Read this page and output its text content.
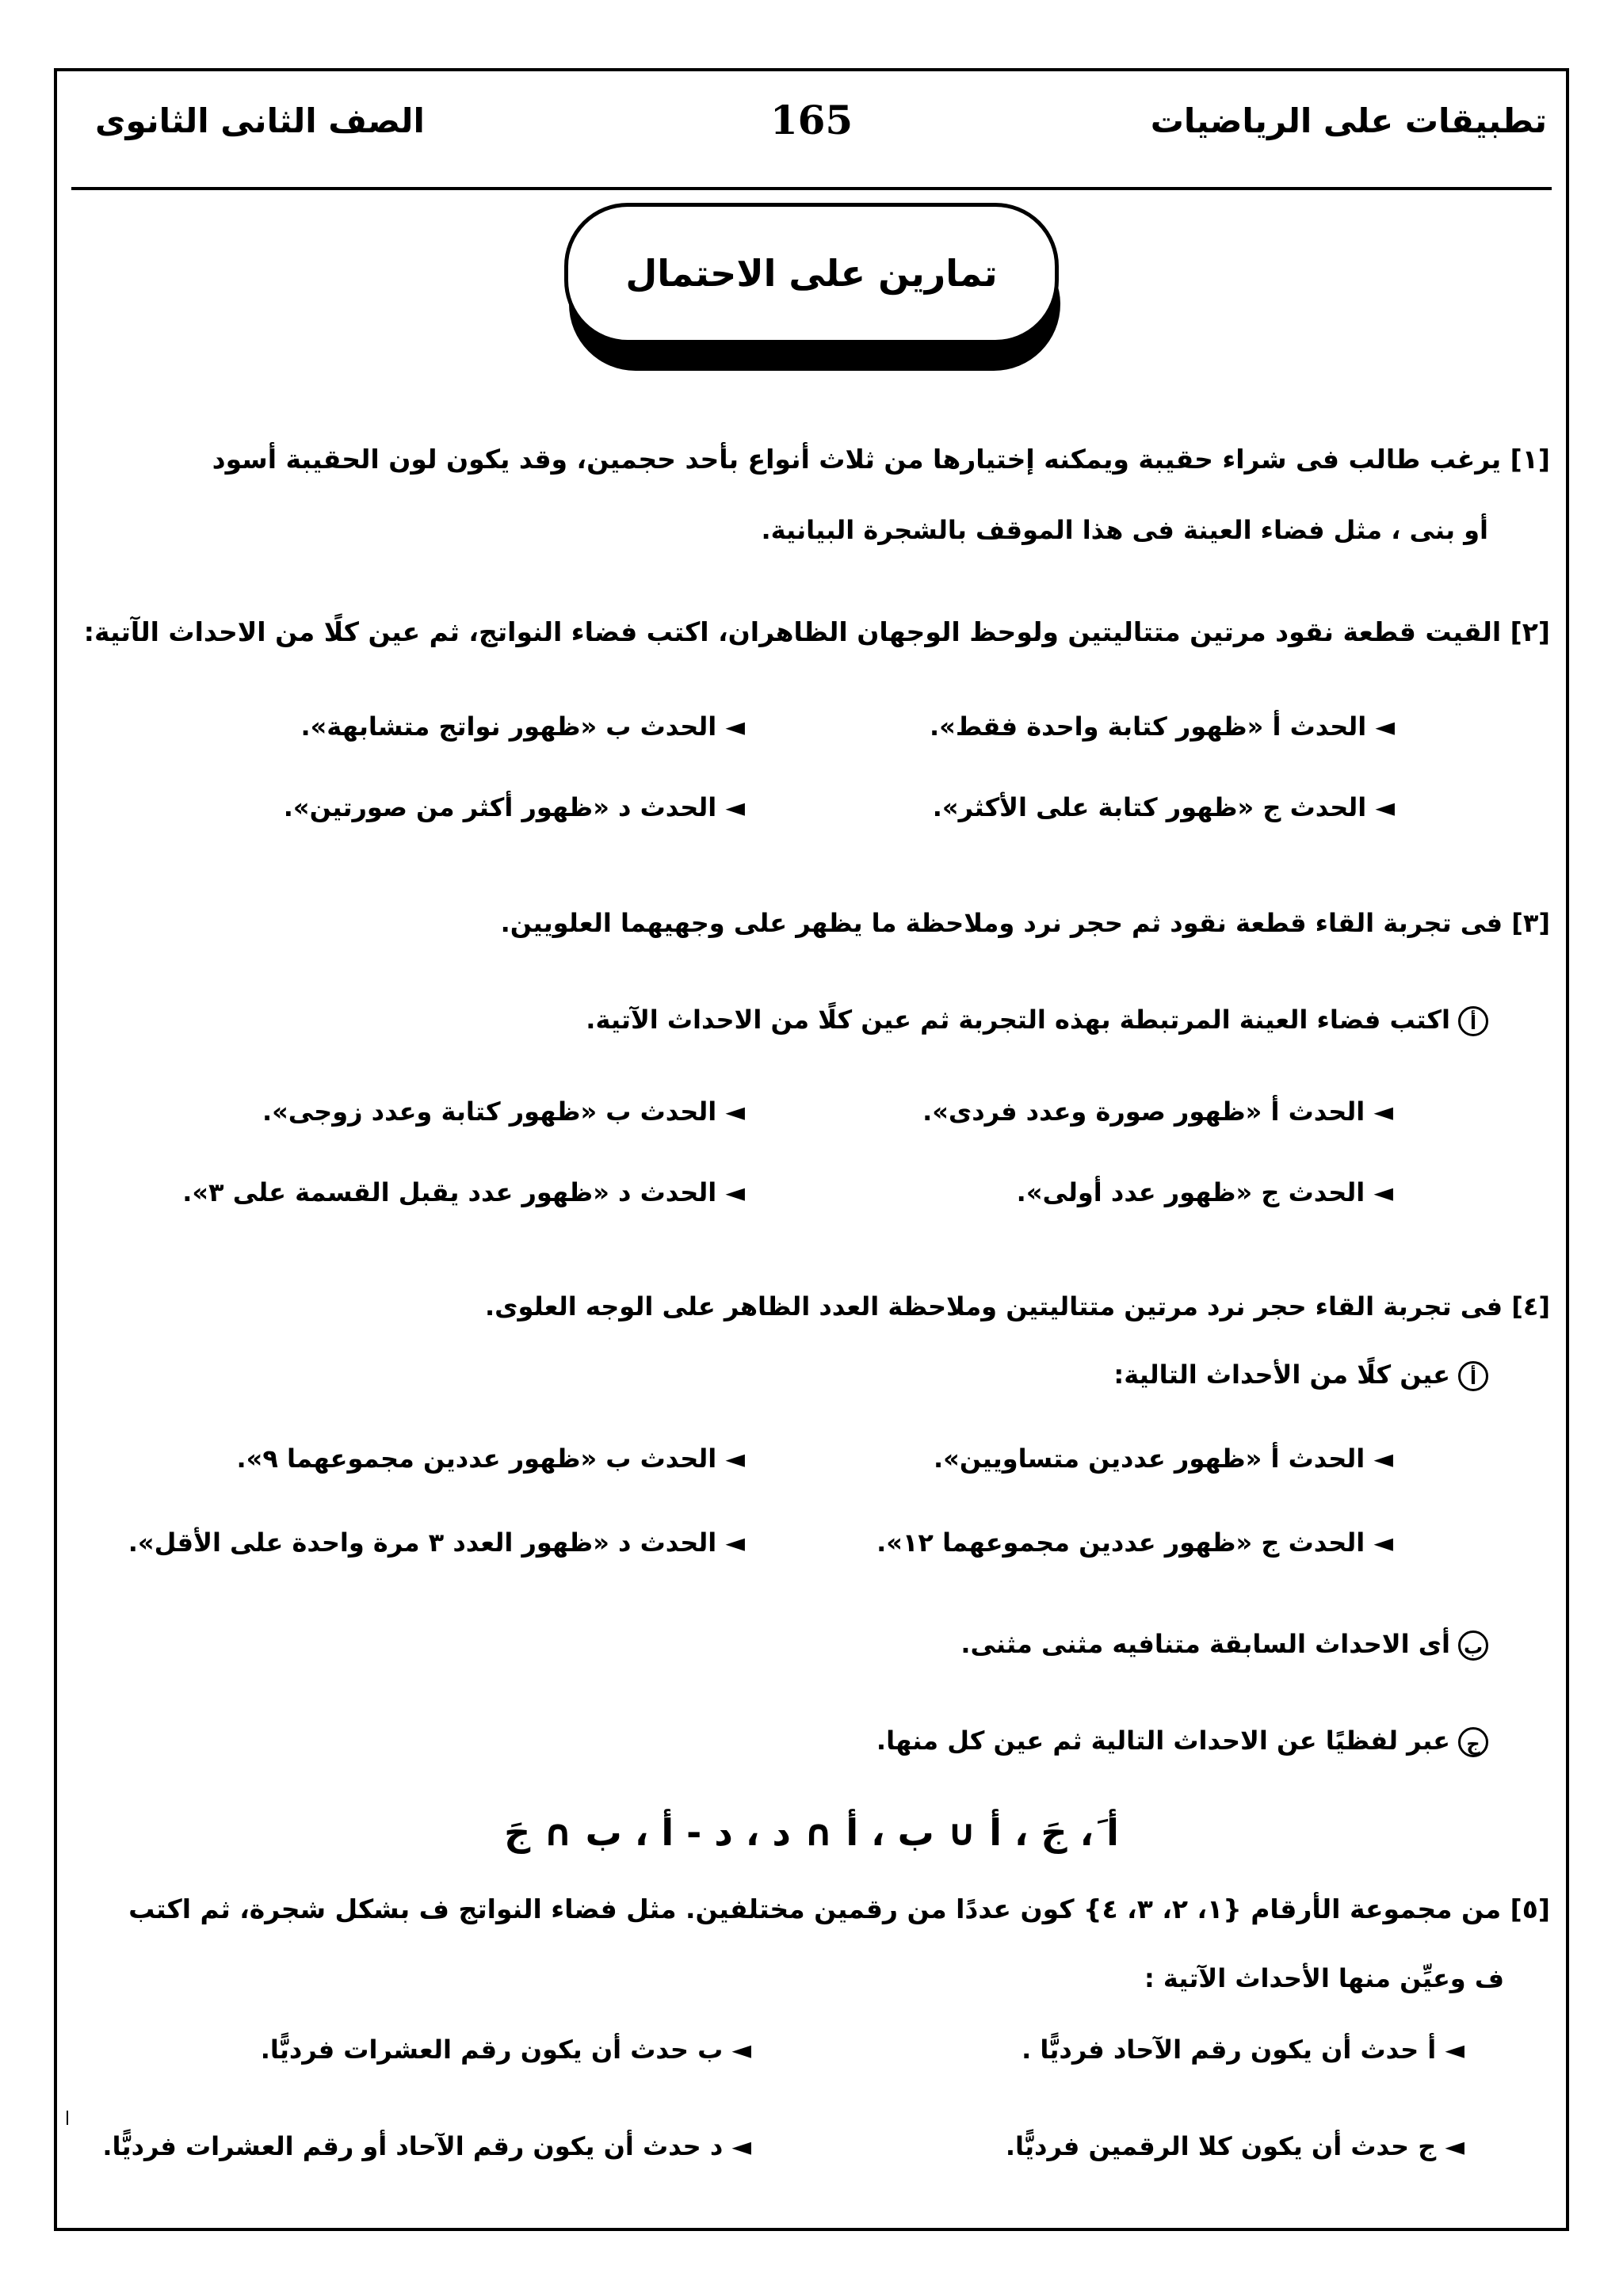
تطبيقات على الرياضيات
165
الصف الثانى الثانوى
تمارين على الاحتمال
[١] يرغب طالب فى شراء حقيبة ويمكنه إختيارها من ثلاث أنواع بأحد حجمين، وقد يكون لون الحقيبة أسود
أو بنى ، مثل فضاء العينة فى هذا الموقف بالشجرة البيانية.
[٢] القيت قطعة نقود مرتين متتاليتين ولوحظ الوجهان الظاهران، اكتب فضاء النواتج، ثم عين كلًا من الاحداث الآتية:
◄ الحدث أ «ظهور كتابة واحدة فقط».
◄ الحدث ب «ظهور نواتج متشابهة».
◄ الحدث ج «ظهور كتابة على الأكثر».
◄ الحدث د «ظهور أكثر من صورتين».
[٣] فى تجربة القاء قطعة نقود ثم حجر نرد وملاحظة ما يظهر على وجهيهما العلويين.
أاكتب فضاء العينة المرتبطة بهذه التجربة ثم عين كلًا من الاحداث الآتية.
◄ الحدث أ «ظهور صورة وعدد فردى».
◄ الحدث ب «ظهور كتابة وعدد زوجى».
◄ الحدث ج «ظهور عدد أولى».
◄ الحدث د «ظهور عدد يقبل القسمة على ٣».
[٤] فى تجربة القاء حجر نرد مرتين متتاليتين وملاحظة العدد الظاهر على الوجه العلوى.
أعين كلًا من الأحداث التالية:
◄ الحدث أ «ظهور عددين متساويين».
◄ الحدث ب «ظهور عددين مجموعهما ٩».
◄ الحدث ج «ظهور عددين مجموعهما ١٢».
◄ الحدث د «ظهور العدد ٣ مرة واحدة على الأقل».
بأى الاحداث السابقة متنافيه مثنى مثنى.
جعبر لفظيًا عن الاحداث التالية ثم عين كل منها.
أ َ، جَ ، أ ∪ ب ، أ ∩ د ، د - أ ، ب ∩ جَ
[٥] من مجموعة الأرقام {١، ٢، ٣، ٤} كون عددًا من رقمين مختلفين. مثل فضاء النواتج ف بشكل شجرة، ثم اكتب
ف وعيِّن منها الأحداث الآتية :
◄ أ حدث أن يكون رقم الآحاد فرديًّا .
◄ ب حدث أن يكون رقم العشرات فرديًّا.
◄ ج حدث أن يكون كلا الرقمين فرديًّا.
◄ د حدث أن يكون رقم الآحاد أو رقم العشرات فرديًّا.
